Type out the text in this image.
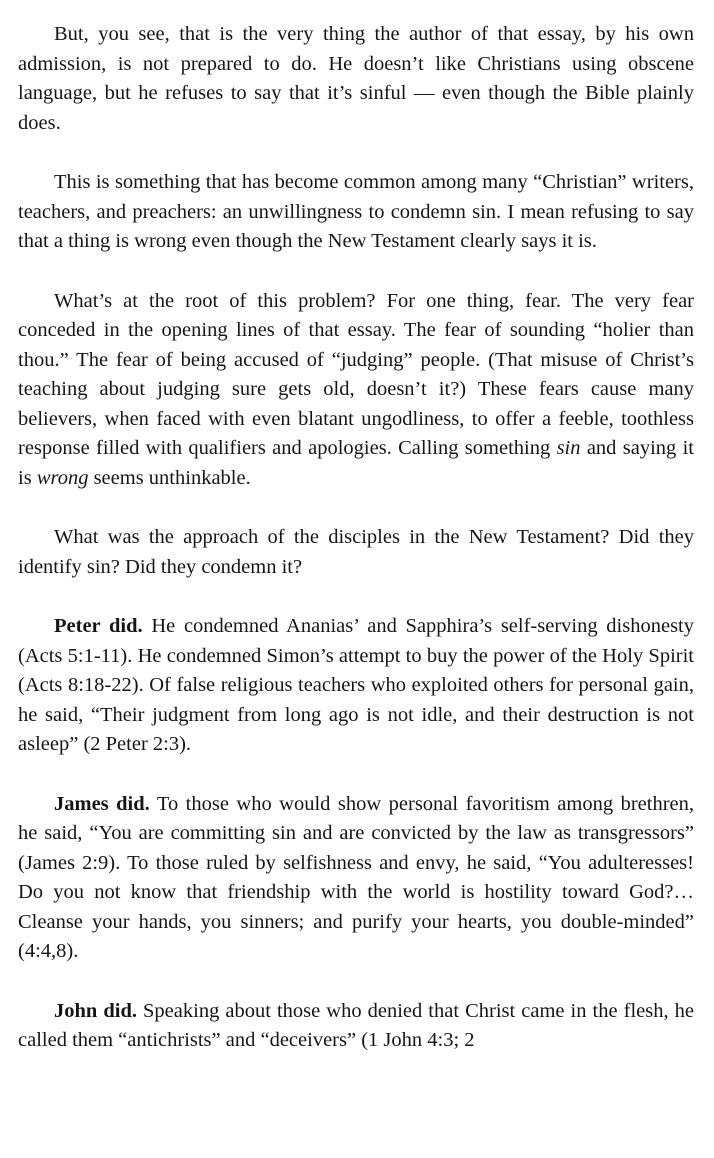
But, you see, that is the very thing the author of that essay, by his own admission, is not prepared to do. He doesn’t like Christians using obscene language, but he refuses to say that it’s sinful — even though the Bible plainly does.

This is something that has become common among many “Christian” writers, teachers, and preachers: an unwillingness to condemn sin. I mean refusing to say that a thing is wrong even though the New Testament clearly says it is.

What’s at the root of this problem? For one thing, fear. The very fear conceded in the opening lines of that essay. The fear of sounding “holier than thou.” The fear of being accused of “judging” people. (That misuse of Christ’s teaching about judging sure gets old, doesn’t it?) These fears cause many believers, when faced with even blatant ungodliness, to offer a feeble, toothless response filled with qualifiers and apologies. Calling something sin and saying it is wrong seems unthinkable.

What was the approach of the disciples in the New Testament? Did they identify sin? Did they condemn it?

Peter did. He condemned Ananias’ and Sapphira’s self-serving dishonesty (Acts 5:1-11). He condemned Simon’s attempt to buy the power of the Holy Spirit (Acts 8:18-22). Of false religious teachers who exploited others for personal gain, he said, “Their judgment from long ago is not idle, and their destruction is not asleep” (2 Peter 2:3).

James did. To those who would show personal favoritism among brethren, he said, “You are committing sin and are convicted by the law as transgressors” (James 2:9). To those ruled by selfishness and envy, he said, “You adulteresses! Do you not know that friendship with the world is hostility toward God?…Cleanse your hands, you sinners; and purify your hearts, you double-minded” (4:4,8).

John did. Speaking about those who denied that Christ came in the flesh, he called them “antichrists” and “deceivers” (1 John 4:3; 2
